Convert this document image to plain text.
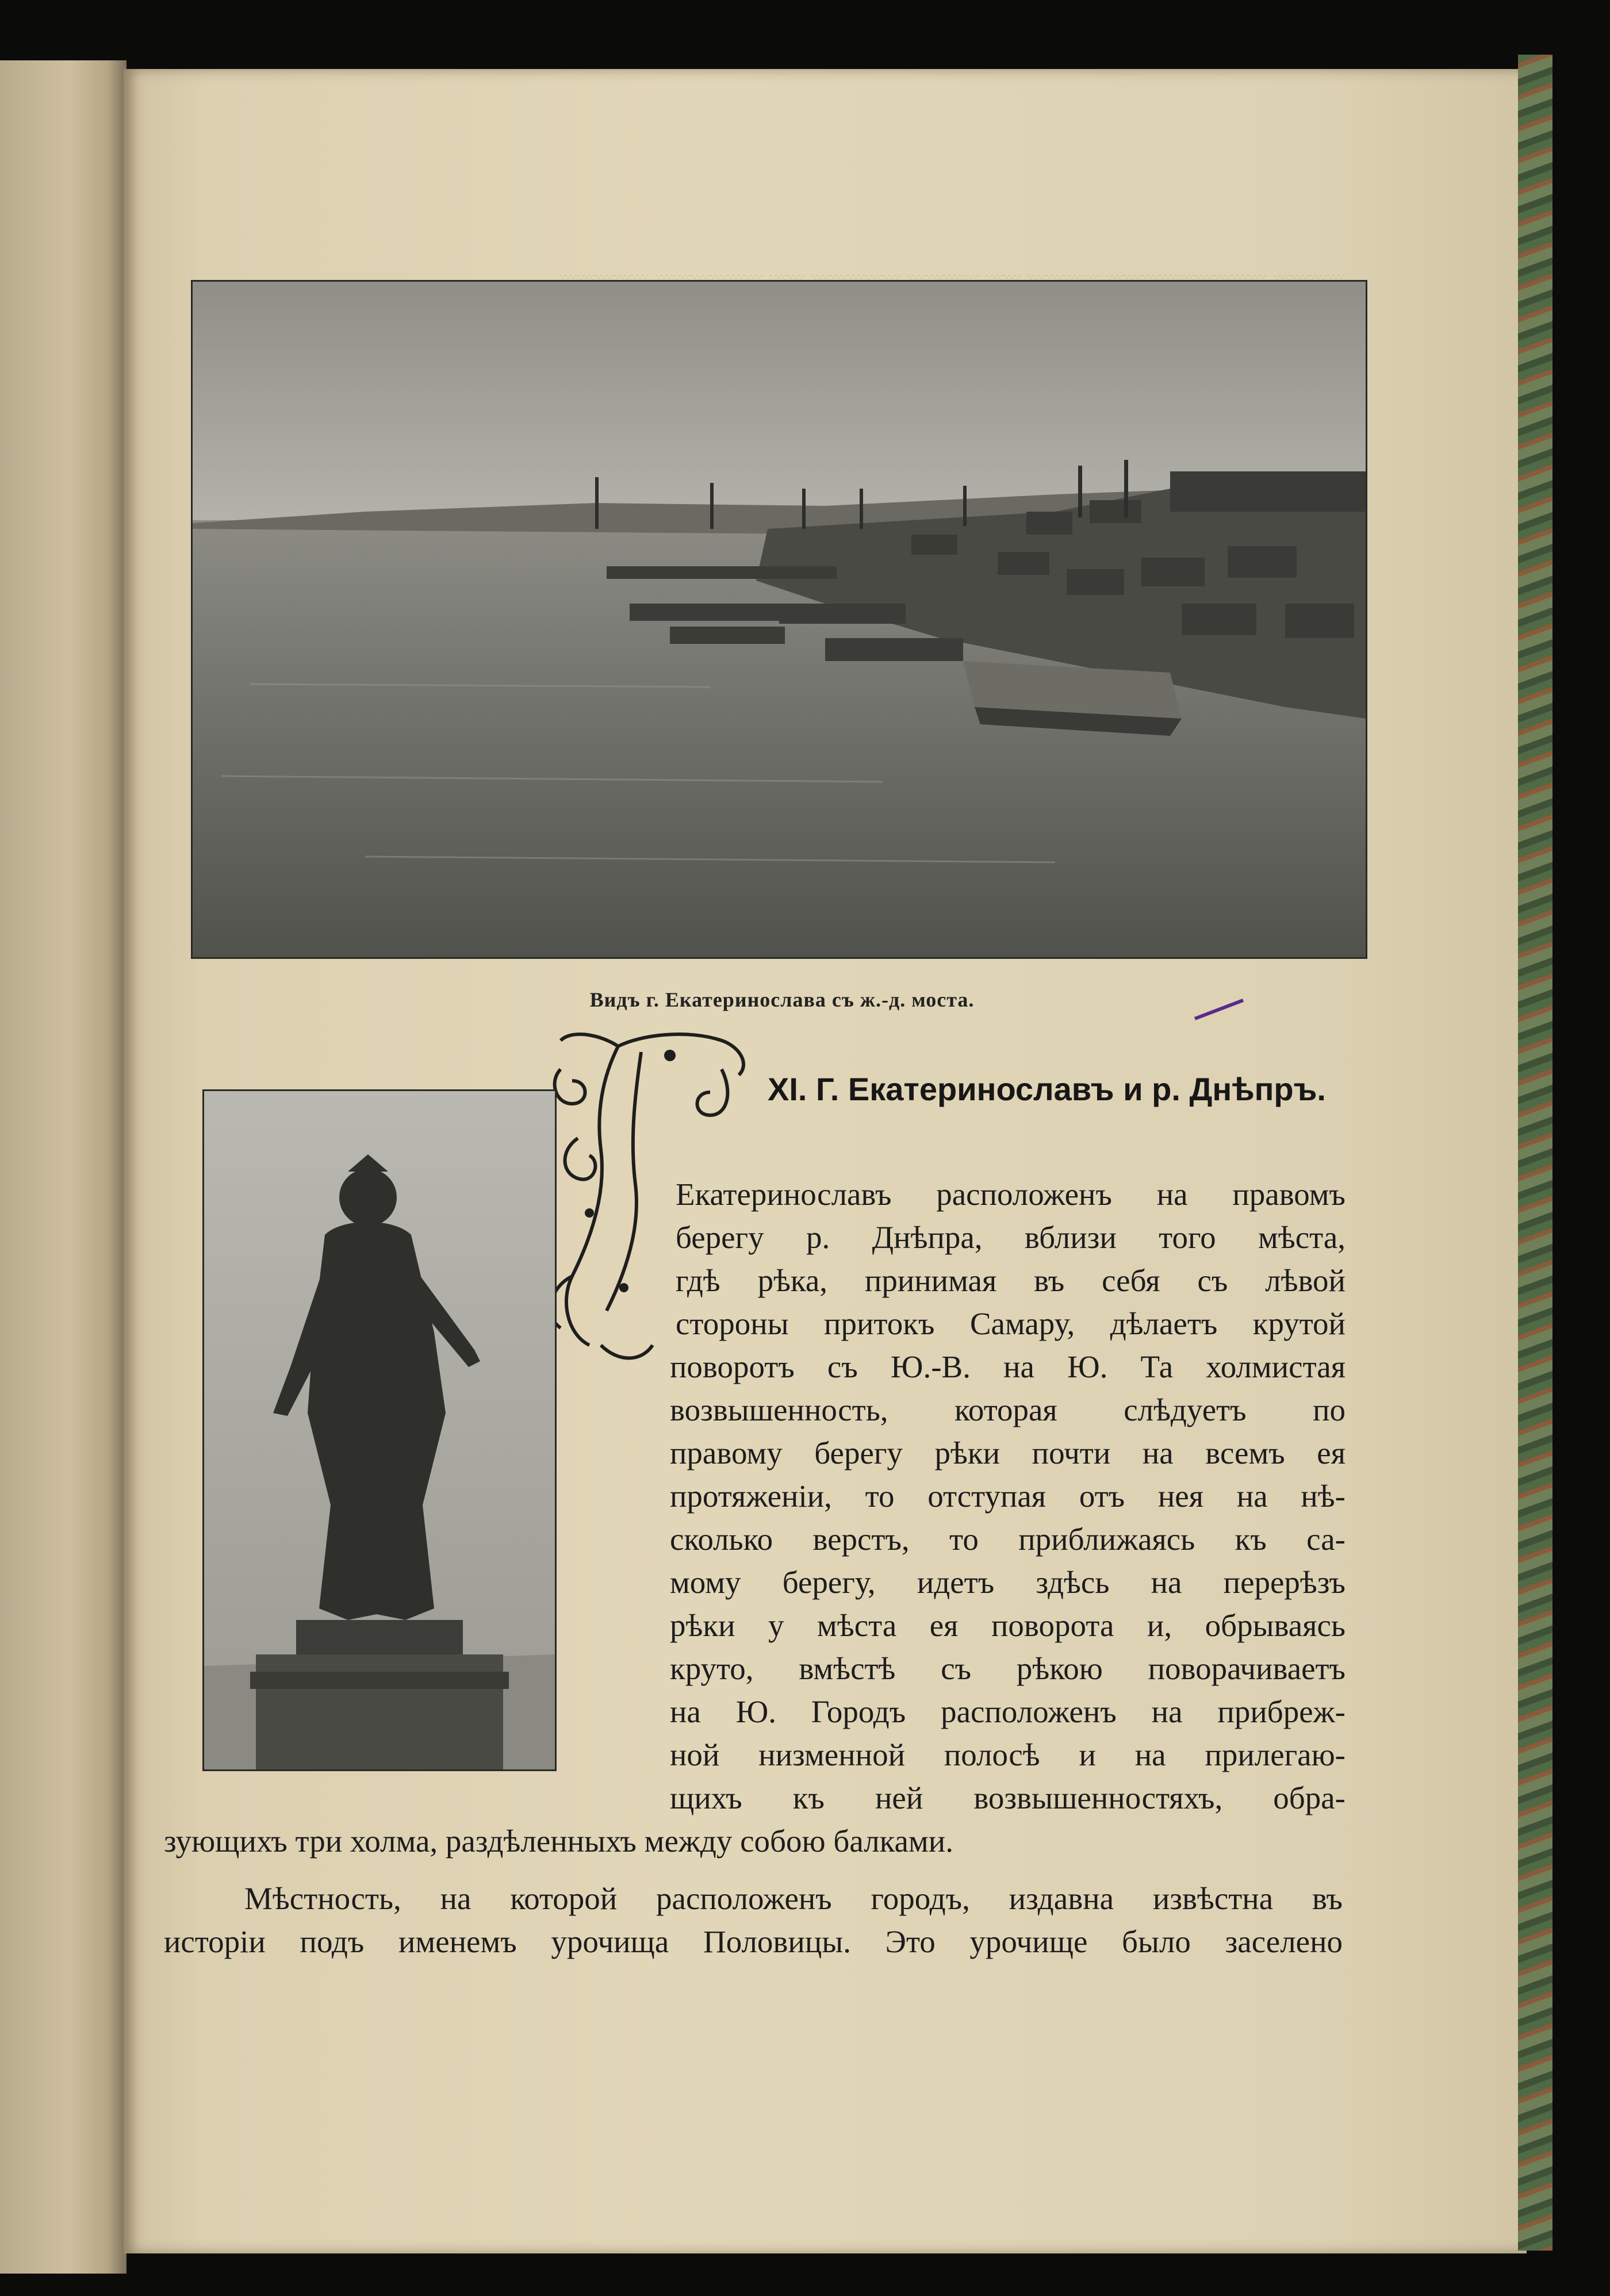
Видъ г. Екатеринослава съ ж.-д. моста.
XI. Г. Екатеринославъ и р. Днѣпръ.
Екатеринославъ расположенъ на правомъ
берегу р. Днѣпра, вблизи того мѣста,
гдѣ рѣка, принимая въ себя съ лѣвой
стороны притокъ Самару, дѣлаетъ крутой
поворотъ съ Ю.-В. на Ю. Та холмистая
возвышенность, которая слѣдуетъ по
правому берегу рѣки почти на всемъ ея
протяженіи, то отступая отъ нея на нѣ-
сколько верстъ, то приближаясь къ са-
мому берегу, идетъ здѣсь на перерѣзъ
рѣки у мѣста ея поворота и, обрываясь
круто, вмѣстѣ съ рѣкою поворачиваетъ
на Ю. Городъ расположенъ на прибреж-
ной низменной полосѣ и на прилегаю-
щихъ къ ней возвышенностяхъ, обра-
зующихъ три холма, раздѣленныхъ между собою балками.
Мѣстность, на которой расположенъ городъ, издавна извѣстна въ
исторіи подъ именемъ урочища Половицы. Это урочище было заселено
